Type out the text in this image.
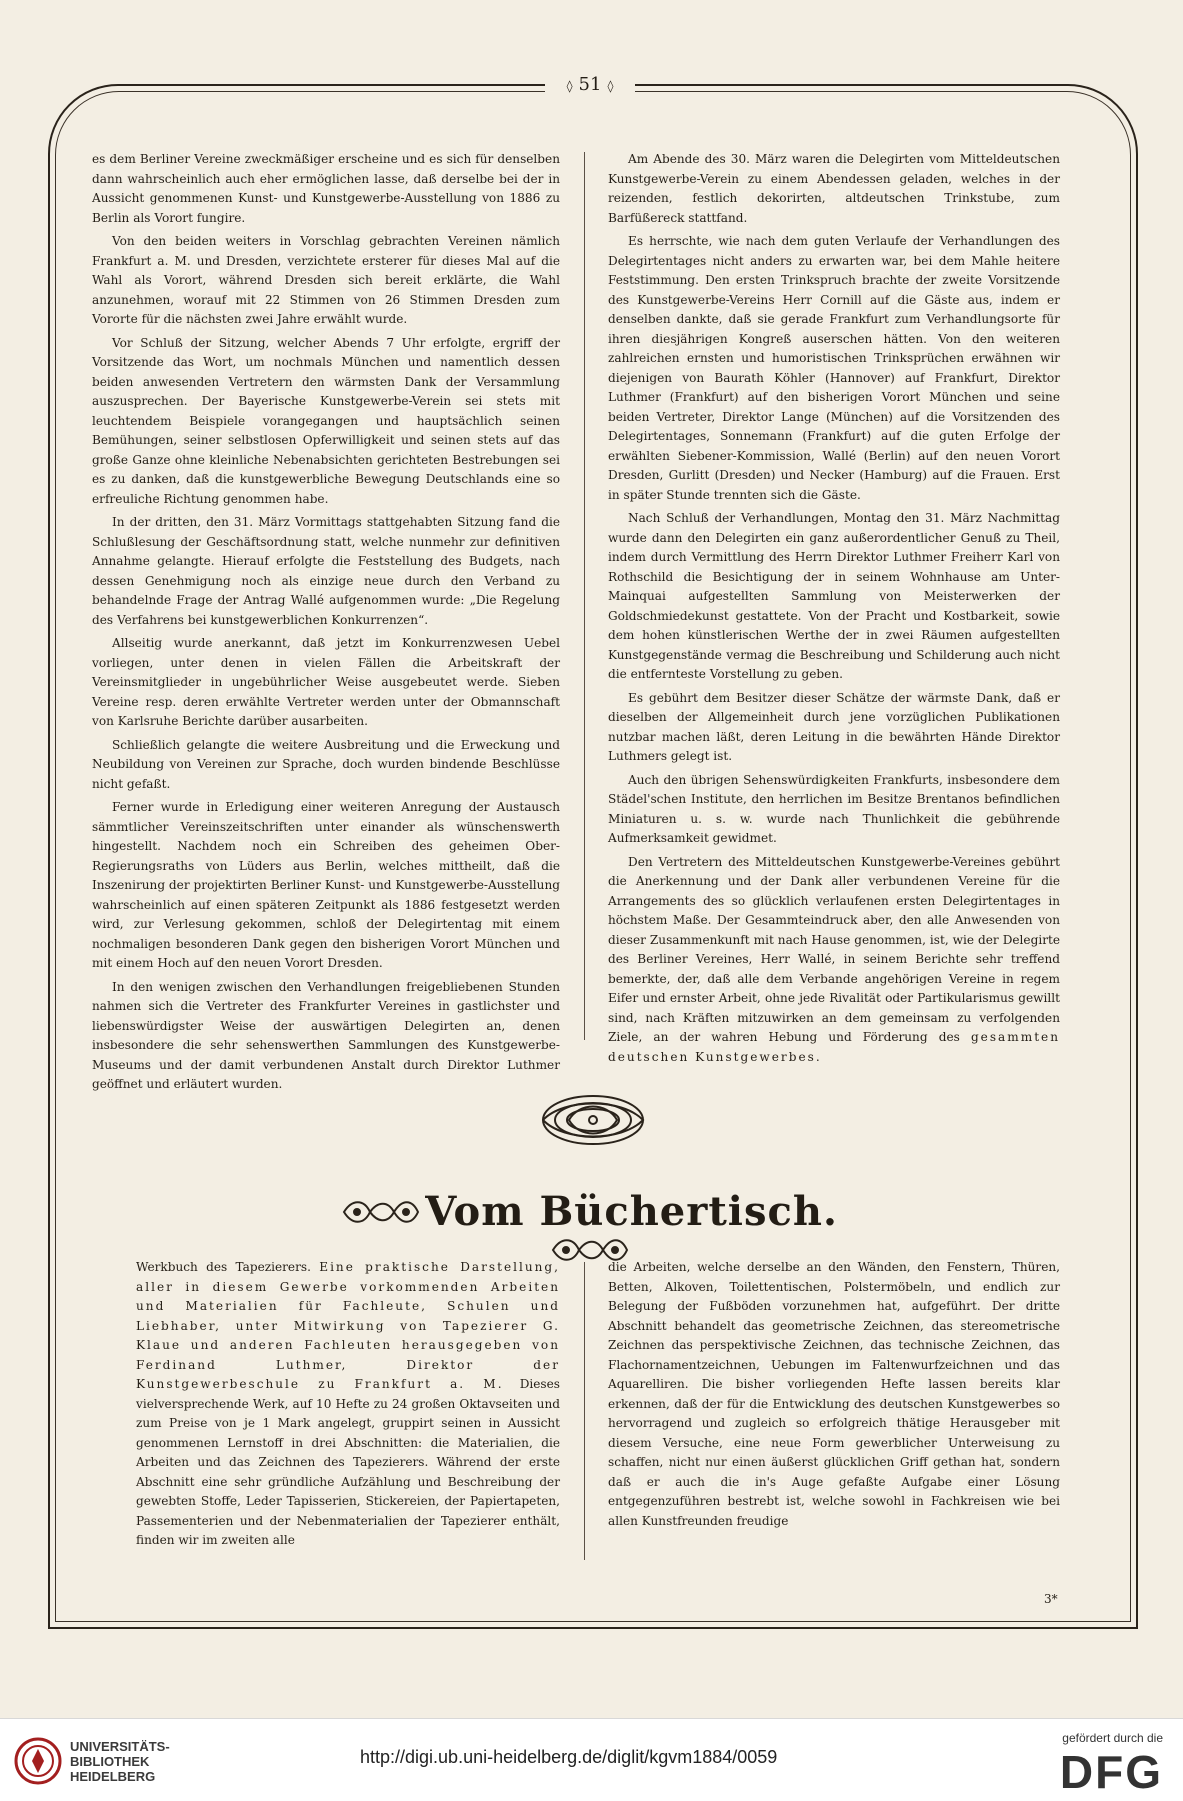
◊ 51 ◊

es dem Berliner Vereine zweckmäßiger erscheine und es sich für denselben dann wahrscheinlich auch eher ermöglichen lasse, daß derselbe bei der in Aussicht genommenen Kunst- und Kunstgewerbe-Ausstellung von 1886 zu Berlin als Vorort fungire.

Von den beiden weiters in Vorschlag gebrachten Vereinen nämlich Frankfurt a. M. und Dresden, verzichtete ersterer für dieses Mal auf die Wahl als Vorort, während Dresden sich bereit erklärte, die Wahl anzunehmen, worauf mit 22 Stimmen von 26 Stimmen Dresden zum Vororte für die nächsten zwei Jahre erwählt wurde.

Vor Schluß der Sitzung, welcher Abends 7 Uhr erfolgte, ergriff der Vorsitzende das Wort, um nochmals München und namentlich dessen beiden anwesenden Vertretern den wärmsten Dank der Versammlung auszusprechen. Der Bayerische Kunstgewerbe-Verein sei stets mit leuchtendem Beispiele vorangegangen und hauptsächlich seinen Bemühungen, seiner selbstlosen Opferwilligkeit und seinen stets auf das große Ganze ohne kleinliche Nebenabsichten gerichteten Bestrebungen sei es zu danken, daß die kunstgewerbliche Bewegung Deutschlands eine so erfreuliche Richtung genommen habe.

In der dritten, den 31. März Vormittags stattgehabten Sitzung fand die Schlußlesung der Geschäftsordnung statt, welche nunmehr zur definitiven Annahme gelangte. Hierauf erfolgte die Feststellung des Budgets, nach dessen Genehmigung noch als einzige neue durch den Verband zu behandelnde Frage der Antrag Wallé aufgenommen wurde: „Die Regelung des Verfahrens bei kunstgewerblichen Konkurrenzen“.

Allseitig wurde anerkannt, daß jetzt im Konkurrenzwesen Uebel vorliegen, unter denen in vielen Fällen die Arbeitskraft der Vereinsmitglieder in ungebührlicher Weise ausgebeutet werde. Sieben Vereine resp. deren erwählte Vertreter werden unter der Obmannschaft von Karlsruhe Berichte darüber ausarbeiten.

Schließlich gelangte die weitere Ausbreitung und die Erweckung und Neubildung von Vereinen zur Sprache, doch wurden bindende Beschlüsse nicht gefaßt.

Ferner wurde in Erledigung einer weiteren Anregung der Austausch sämmtlicher Vereinszeitschriften unter einander als wünschenswerth hingestellt. Nachdem noch ein Schreiben des geheimen Ober-Regierungsraths von Lüders aus Berlin, welches mittheilt, daß die Inszenirung der projektirten Berliner Kunst- und Kunstgewerbe-Ausstellung wahrscheinlich auf einen späteren Zeitpunkt als 1886 festgesetzt werden wird, zur Verlesung gekommen, schloß der Delegirtentag mit einem nochmaligen besonderen Dank gegen den bisherigen Vorort München und mit einem Hoch auf den neuen Vorort Dresden.

In den wenigen zwischen den Verhandlungen freigebliebenen Stunden nahmen sich die Vertreter des Frankfurter Vereines in gastlichster und liebenswürdigster Weise der auswärtigen Delegirten an, denen insbesondere die sehr sehenswerthen Sammlungen des Kunstgewerbe-Museums und der damit verbundenen Anstalt durch Direktor Luthmer geöffnet und erläutert wurden.

Am Abende des 30. März waren die Delegirten vom Mitteldeutschen Kunstgewerbe-Verein zu einem Abendessen geladen, welches in der reizenden, festlich dekorirten, altdeutschen Trinkstube, zum Barfüßereck stattfand.

Es herrschte, wie nach dem guten Verlaufe der Verhandlungen des Delegirtentages nicht anders zu erwarten war, bei dem Mahle heitere Feststimmung. Den ersten Trinkspruch brachte der zweite Vorsitzende des Kunstgewerbe-Vereins Herr Cornill auf die Gäste aus, indem er denselben dankte, daß sie gerade Frankfurt zum Verhandlungsorte für ihren diesjährigen Kongreß auserschen hätten. Von den weiteren zahlreichen ernsten und humoristischen Trinksprüchen erwähnen wir diejenigen von Baurath Köhler (Hannover) auf Frankfurt, Direktor Luthmer (Frankfurt) auf den bisherigen Vorort München und seine beiden Vertreter, Direktor Lange (München) auf die Vorsitzenden des Delegirtentages, Sonnemann (Frankfurt) auf die guten Erfolge der erwählten Siebener-Kommission, Wallé (Berlin) auf den neuen Vorort Dresden, Gurlitt (Dresden) und Necker (Hamburg) auf die Frauen. Erst in später Stunde trennten sich die Gäste.

Nach Schluß der Verhandlungen, Montag den 31. März Nachmittag wurde dann den Delegirten ein ganz außerordentlicher Genuß zu Theil, indem durch Vermittlung des Herrn Direktor Luthmer Freiherr Karl von Rothschild die Besichtigung der in seinem Wohnhause am Unter-Mainquai aufgestellten Sammlung von Meisterwerken der Goldschmiedekunst gestattete. Von der Pracht und Kostbarkeit, sowie dem hohen künstlerischen Werthe der in zwei Räumen aufgestellten Kunstgegenstände vermag die Beschreibung und Schilderung auch nicht die entfernteste Vorstellung zu geben.

Es gebührt dem Besitzer dieser Schätze der wärmste Dank, daß er dieselben der Allgemeinheit durch jene vorzüglichen Publikationen nutzbar machen läßt, deren Leitung in die bewährten Hände Direktor Luthmers gelegt ist.

Auch den übrigen Sehenswürdigkeiten Frankfurts, insbesondere dem Städel'schen Institute, den herrlichen im Besitze Brentanos befindlichen Miniaturen u. s. w. wurde nach Thunlichkeit die gebührende Aufmerksamkeit gewidmet.

Den Vertretern des Mitteldeutschen Kunstgewerbe-Vereines gebührt die Anerkennung und der Dank aller verbundenen Vereine für die Arrangements des so glücklich verlaufenen ersten Delegirtentages in höchstem Maße. Der Gesammteindruck aber, den alle Anwesenden von dieser Zusammenkunft mit nach Hause genommen, ist, wie der Delegirte des Berliner Vereines, Herr Wallé, in seinem Berichte sehr treffend bemerkte, der, daß alle dem Verbande angehörigen Vereine in regem Eifer und ernster Arbeit, ohne jede Rivalität oder Partikularismus gewillt sind, nach Kräften mitzuwirken an dem gemeinsam zu verfolgenden Ziele, an der wahren Hebung und Förderung des gesammten deutschen Kunstgewerbes.

Vom Büchertisch.

Werkbuch des Tapezierers. Eine praktische Darstellung, aller in diesem Gewerbe vorkommenden Arbeiten und Materialien für Fachleute, Schulen und Liebhaber, unter Mitwirkung von Tapezierer G. Klaue und anderen Fachleuten herausgegeben von Ferdinand Luthmer, Direktor der Kunstgewerbeschule zu Frankfurt a. M. Dieses vielversprechende Werk, auf 10 Hefte zu 24 großen Oktavseiten und zum Preise von je 1 Mark angelegt, gruppirt seinen in Aussicht genommenen Lernstoff in drei Abschnitten: die Materialien, die Arbeiten und das Zeichnen des Tapezierers. Während der erste Abschnitt eine sehr gründliche Aufzählung und Beschreibung der gewebten Stoffe, Leder Tapisserien, Stickereien, der Papiertapeten, Passementerien und der Nebenmaterialien der Tapezierer enthält, finden wir im zweiten alle

die Arbeiten, welche derselbe an den Wänden, den Fenstern, Thüren, Betten, Alkoven, Toilettentischen, Polstermöbeln, und endlich zur Belegung der Fußböden vorzunehmen hat, aufgeführt. Der dritte Abschnitt behandelt das geometrische Zeichnen, das stereometrische Zeichnen das perspektivische Zeichnen, das technische Zeichnen, das Flachornamentzeichnen, Uebungen im Faltenwurfzeichnen und das Aquarelliren. Die bisher vorliegenden Hefte lassen bereits klar erkennen, daß der für die Entwicklung des deutschen Kunstgewerbes so hervorragend und zugleich so erfolgreich thätige Herausgeber mit diesem Versuche, eine neue Form gewerblicher Unterweisung zu schaffen, nicht nur einen äußerst glücklichen Griff gethan hat, sondern daß er auch die in's Auge gefaßte Aufgabe einer Lösung entgegenzuführen bestrebt ist, welche sowohl in Fachkreisen wie bei allen Kunstfreunden freudige

3*
UNIVERSITÄTS-
BIBLIOTHEK
HEIDELBERG
http://digi.ub.uni-heidelberg.de/diglit/kgvm1884/0059
gefördert durch die
DFG
